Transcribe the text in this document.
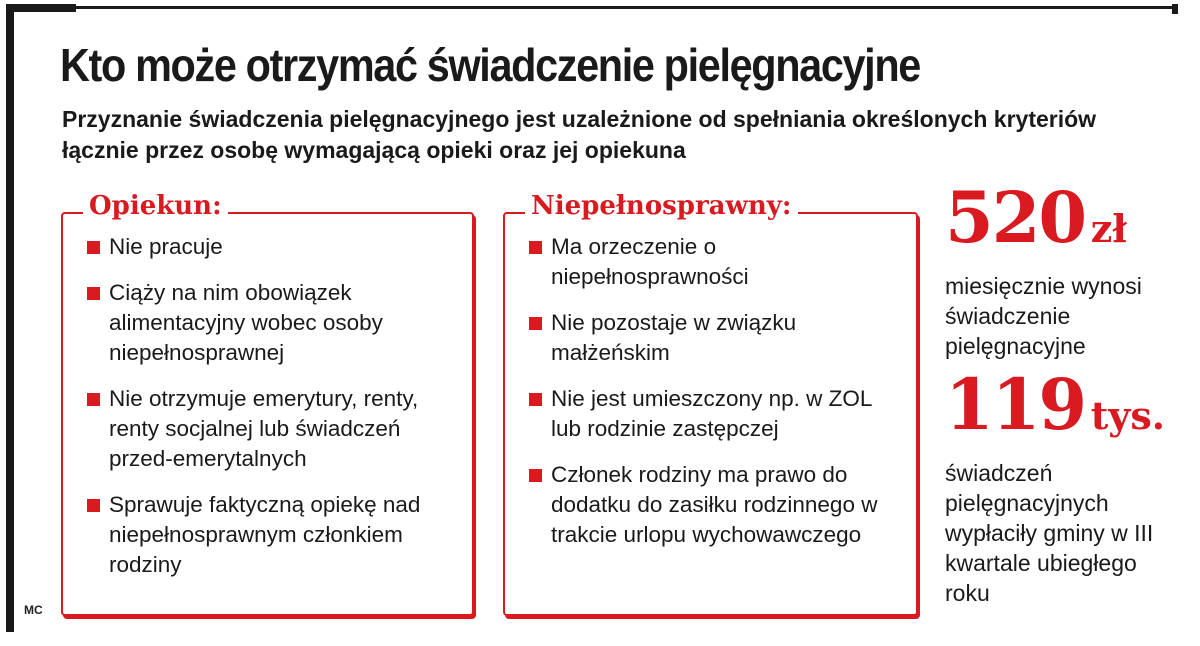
Kto może otrzymać świadczenie pielęgnacyjne
Przyznanie świadczenia pielęgnacyjnego jest uzależnione od spełniania określonych kryteriów łącznie przez osobę wymagającą opieki oraz jej opiekuna
Opiekun:
Nie pracuje
Ciąży na nim obowiązek alimentacyjny wobec osoby niepełnosprawnej
Nie otrzymuje emerytury, renty, renty socjalnej lub świadczeń przed-emerytalnych
Sprawuje faktyczną opiekę nad niepełnosprawnym członkiem rodziny
Niepełnosprawny:
Ma orzeczenie o niepełnosprawności
Nie pozostaje w związku małżeńskim
Nie jest umieszczony np. w ZOL lub rodzinie zastępczej
Członek rodziny ma prawo do dodatku do zasiłku rodzinnego w trakcie urlopu wychowawczego
520 zł
miesięcznie wynosi świadczenie pielęgnacyjne
119 tys.
świadczeń pielęgnacyjnych wypłaciły gminy w III kwartale ubiegłego roku
MC
